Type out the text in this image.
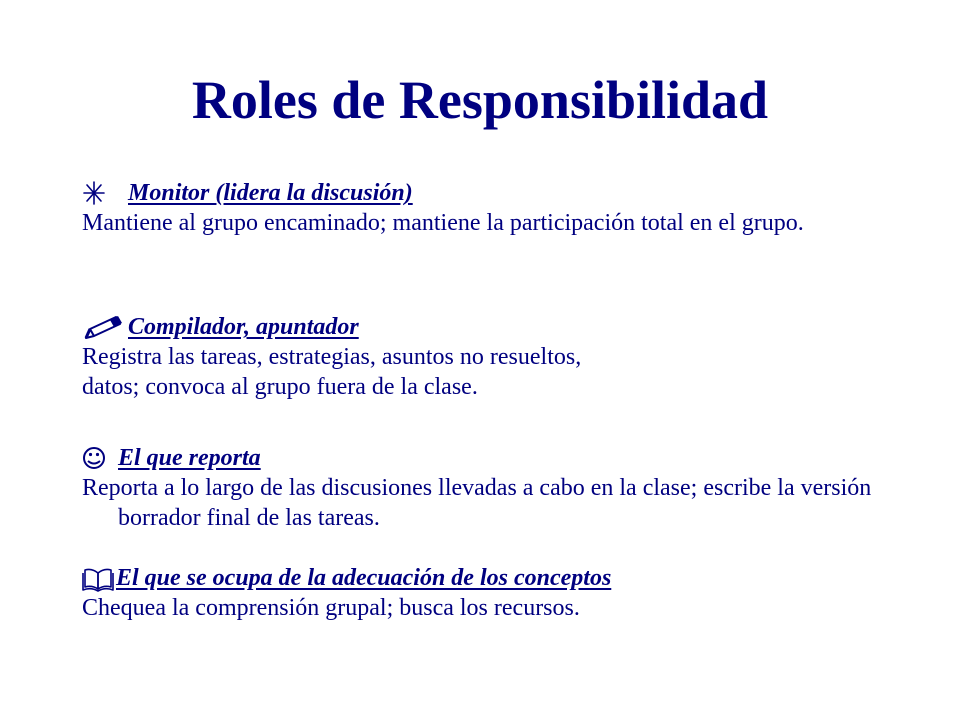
Roles de Responsibilidad
Monitor (lidera la discusión)

Mantiene al grupo encaminado; mantiene la participación total en el grupo.

Compilador, apuntador

Registra las tareas, estrategias, asuntos no resueltos,

datos; convoca al grupo fuera de la clase.

El que reporta

Reporta a lo largo de las discusiones llevadas a cabo en la clase; escribe la versión borrador final de las tareas.

El que se ocupa de la adecuación de los conceptos

Chequea la comprensión grupal; busca los recursos.
